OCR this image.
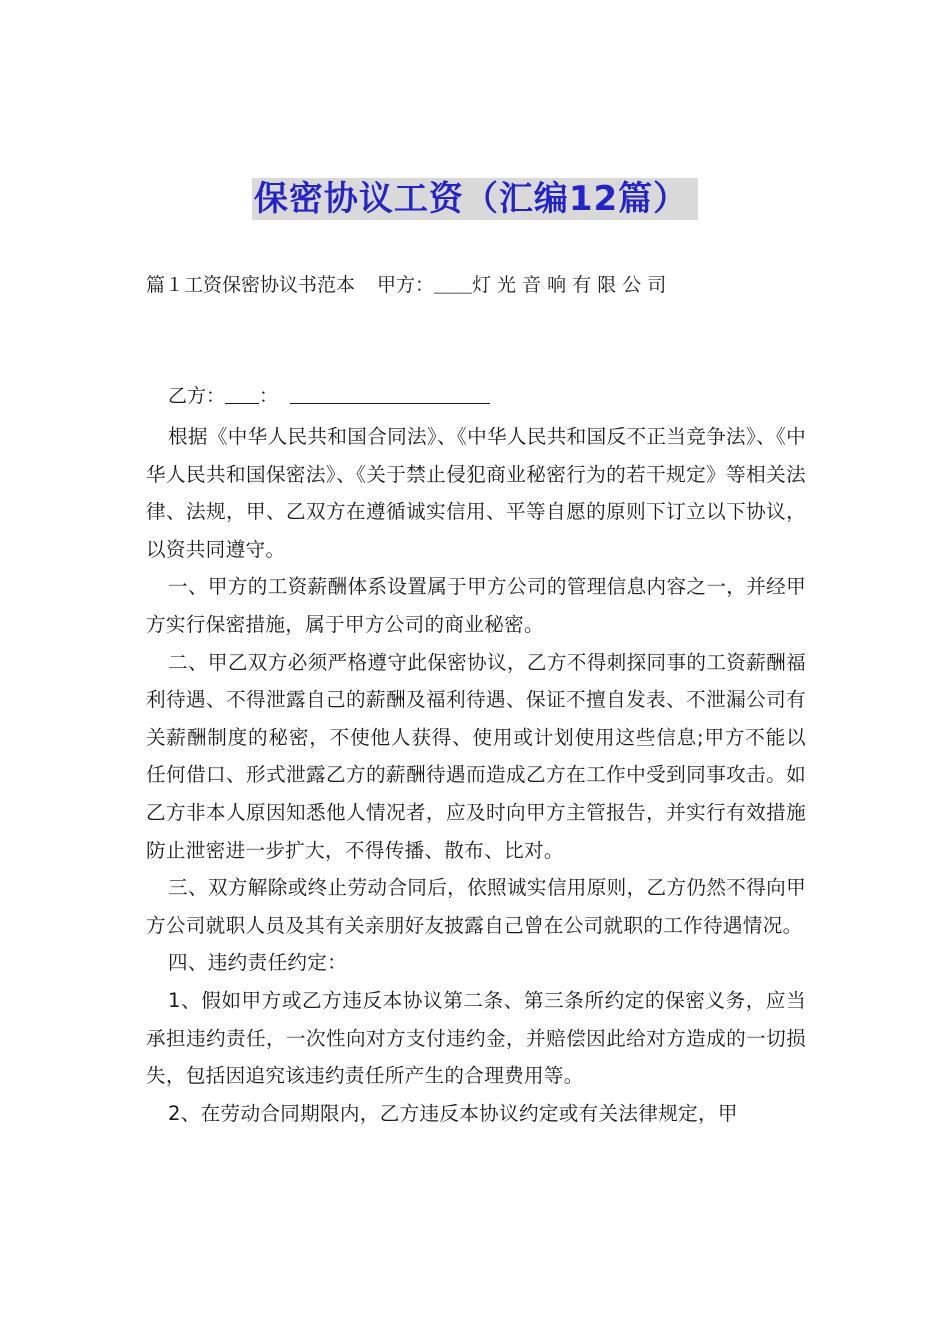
保密协议工资（汇编12篇）
篇１工资保密协议书范本 甲方：＿＿灯 光 音 响 有 限 公 司
乙方： ：

根据《中华人民共和国合同法》、《中华人民共和国反不正当竞争法》、《中华人民共和国保密法》、《关于禁止侵犯商业秘密行为的若干规定》等相关法律、法规，甲、乙双方在遵循诚实信用、平等自愿的原则下订立以下协议，以资共同遵守。

一、甲方的工资薪酬体系设置属于甲方公司的管理信息内容之一，并经甲方实行保密措施，属于甲方公司的商业秘密。

二、甲乙双方必须严格遵守此保密协议，乙方不得刺探同事的工资薪酬福利待遇、不得泄露自己的薪酬及福利待遇、保证不擅自发表、不泄漏公司有关薪酬制度的秘密，不使他人获得、使用或计划使用这些信息;甲方不能以任何借口、形式泄露乙方的薪酬待遇而造成乙方在工作中受到同事攻击。如乙方非本人原因知悉他人情况者，应及时向甲方主管报告，并实行有效措施防止泄密进一步扩大，不得传播、散布、比对。

三、双方解除或终止劳动合同后，依照诚实信用原则，乙方仍然不得向甲方公司就职人员及其有关亲朋好友披露自己曾在公司就职的工作待遇情况。

四、违约责任约定：

1、假如甲方或乙方违反本协议第二条、第三条所约定的保密义务，应当承担违约责任，一次性向对方支付违约金，并赔偿因此给对方造成的一切损失，包括因追究该违约责任所产生的合理费用等。

2、在劳动合同期限内，乙方违反本协议约定或有关法律规定，甲
